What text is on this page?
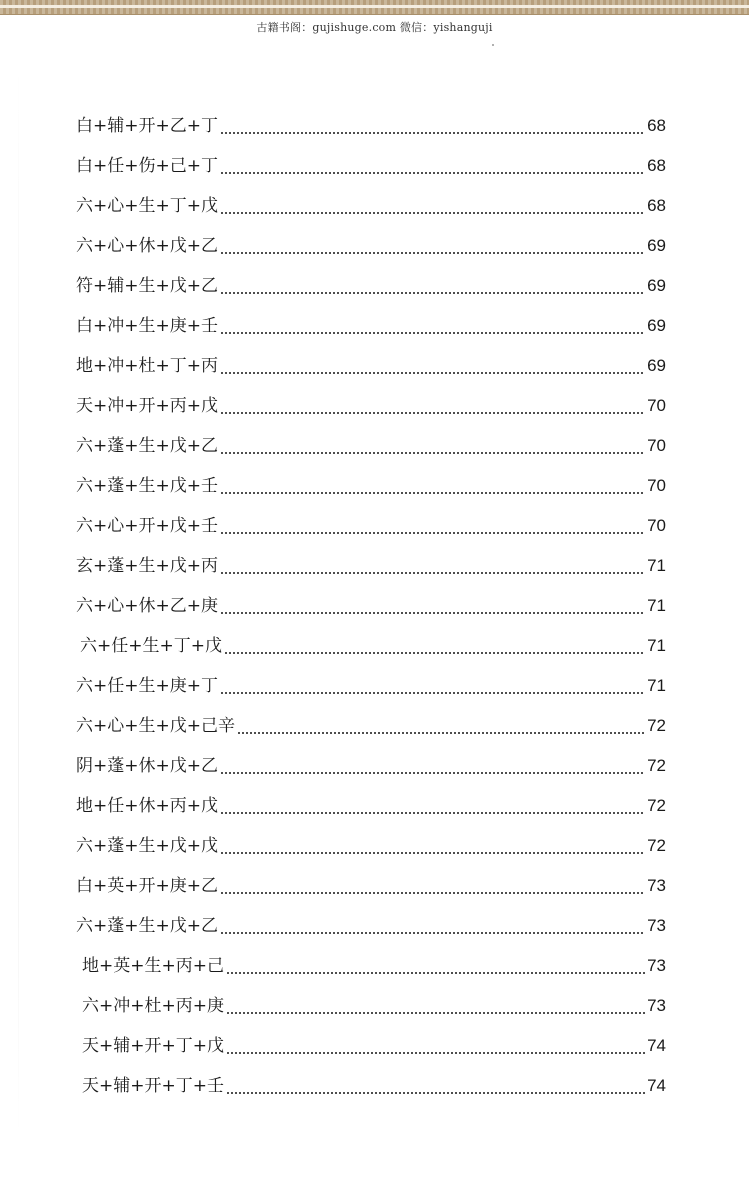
古籍书阁：gujishuge.com 微信：yishanguji
白+辅+开+乙+丁	68
白+任+伤+己+丁	68
六+心+生+丁+戊	68
六+心+休+戊+乙	69
符+辅+生+戊+乙	69
白+冲+生+庚+壬	69
地+冲+杜+丁+丙	69
天+冲+开+丙+戊	70
六+蓬+生+戊+乙	70
六+蓬+生+戊+壬	70
六+心+开+戊+壬	70
玄+蓬+生+戊+丙	71
六+心+休+乙+庚	71
六+任+生+丁+戊	71
六+任+生+庚+丁	71
六+心+生+戊+己辛	72
阴+蓬+休+戊+乙	72
地+任+休+丙+戊	72
六+蓬+生+戊+戊	72
白+英+开+庚+乙	73
六+蓬+生+戊+乙	73
地+英+生+丙+己	73
六+冲+杜+丙+庚	73
天+辅+开+丁+戊	74
天+辅+开+丁+壬	74
